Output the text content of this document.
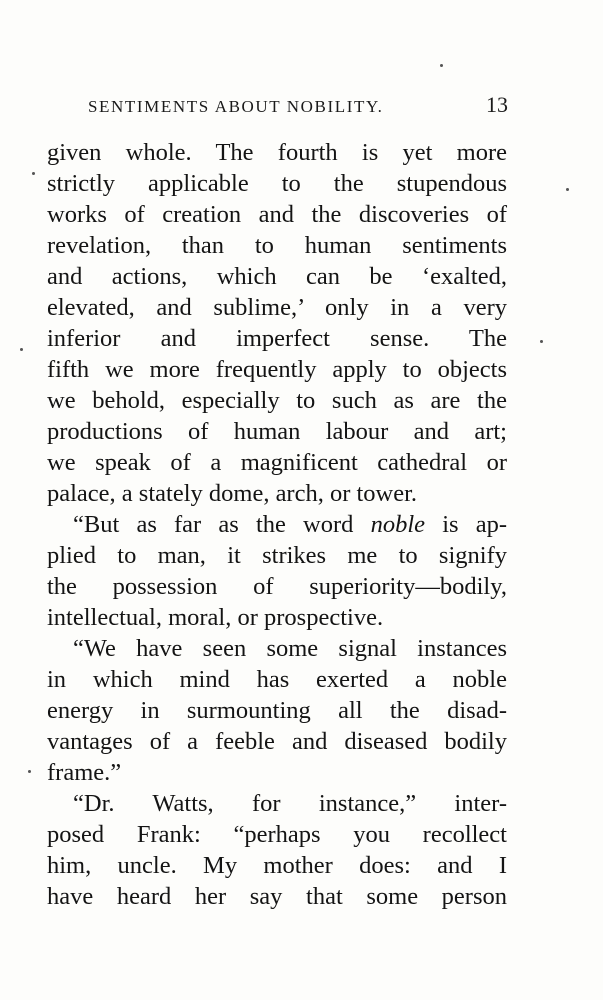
SENTIMENTS ABOUT NOBILITY.	13
given whole. The fourth is yet more
strictly applicable to the stupendous
works of creation and the discoveries of
revelation, than to human sentiments
and actions, which can be ‘exalted,
elevated, and sublime,’ only in a very
inferior and imperfect sense. The
fifth we more frequently apply to objects
we behold, especially to such as are the
productions of human labour and art;
we speak of a magnificent cathedral or
palace, a stately dome, arch, or tower.
“But as far as the word noble is ap-
plied to man, it strikes me to signify
the possession of superiority—bodily,
intellectual, moral, or prospective.
“We have seen some signal instances
in which mind has exerted a noble
energy in surmounting all the disad-
vantages of a feeble and diseased bodily
frame.”
“Dr. Watts, for instance,” inter-
posed Frank: “perhaps you recollect
him, uncle. My mother does: and I
have heard her say that some person
